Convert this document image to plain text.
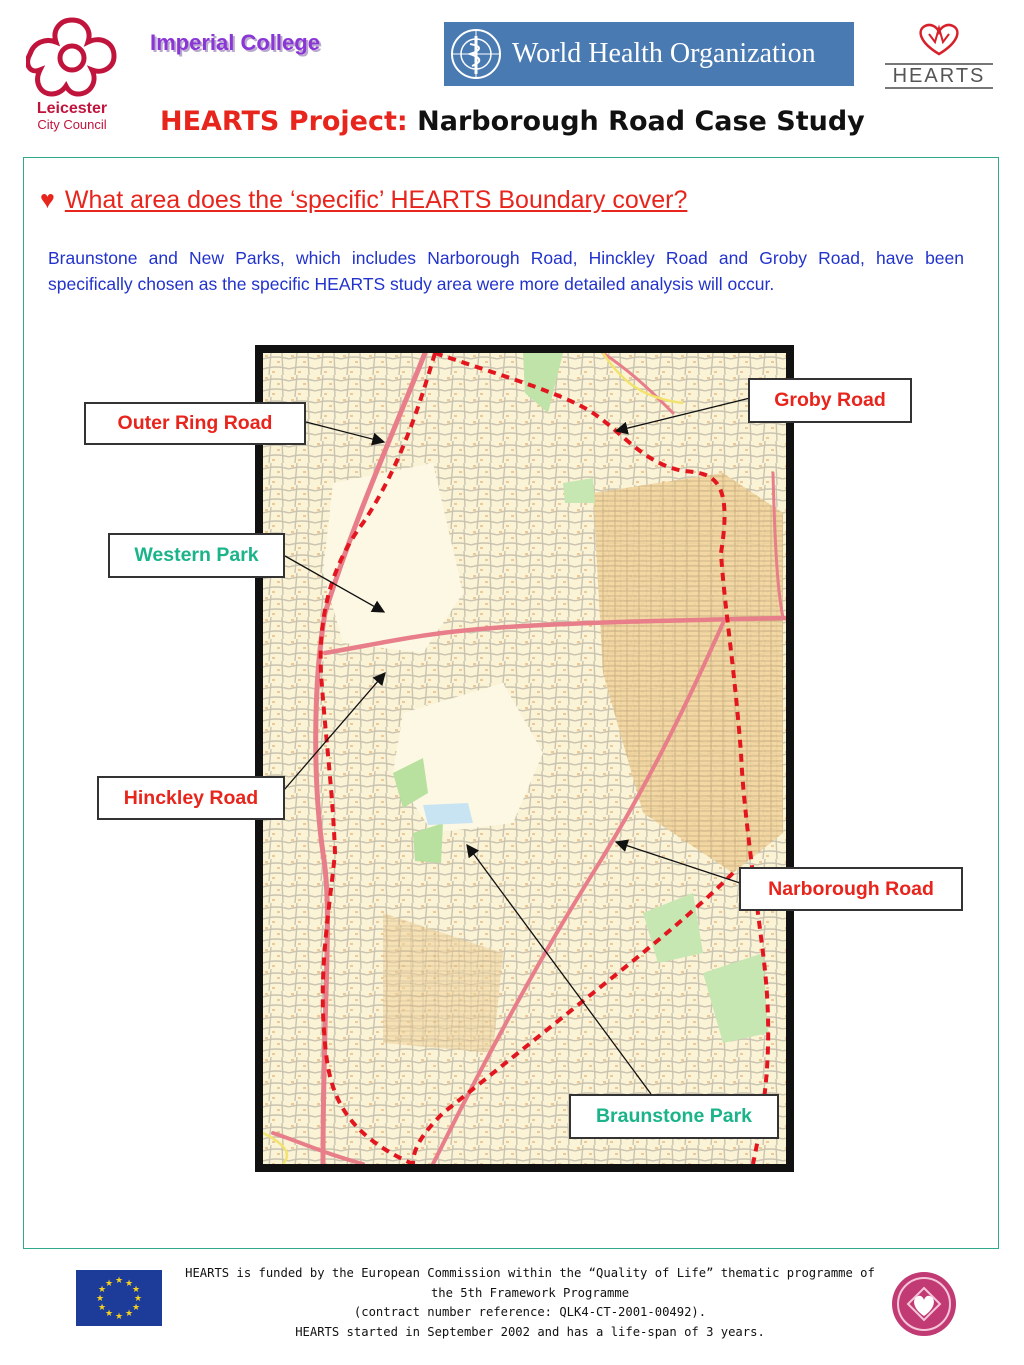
Leicester
City Council
Imperial College	World Health Organization
HEARTS
HEARTS Project: Narborough Road Case Study
♥ What area does the ‘specific’ HEARTS Boundary cover?
Braunstone and New Parks, which includes Narborough Road, Hinckley Road and Groby Road, have been specifically chosen as the specific HEARTS study area were more detailed analysis will occur.
Groby Road
Outer Ring Road
Western Park
Hinckley Road
Narborough Road
Braunstone Park
★ ★
★
★
★
★
★
★
★
★
★
★
HEARTS is funded by the European Commission within the “Quality of Life” thematic programme of
the 5th Framework Programme
(contract number reference: QLK4-CT-2001-00492).
HEARTS started in September 2002 and has a life-span of 3 years.
